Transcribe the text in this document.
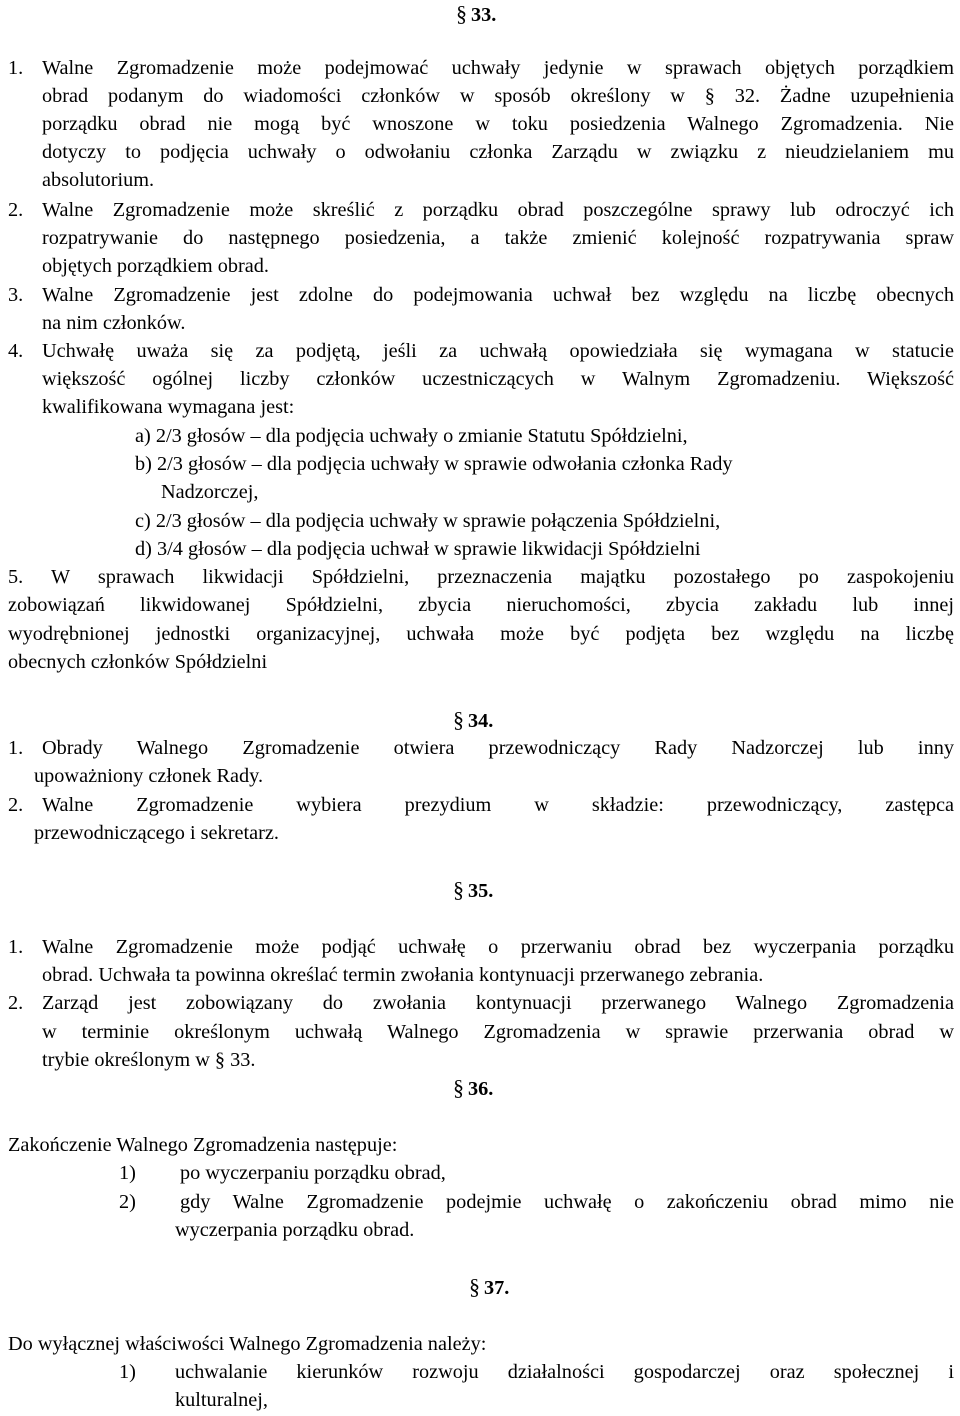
§ 33.
1. Walne Zgromadzenie może podejmować uchwały jedynie w sprawach objętych porządkiem
obrad podanym do wiadomości członków w sposób określony w § 32. Żadne uzupełnienia
porządku obrad nie mogą być wnoszone w toku posiedzenia Walnego Zgromadzenia. Nie
dotyczy to podjęcia uchwały o odwołaniu członka Zarządu w związku z nieudzielaniem mu
absolutorium.
2. Walne Zgromadzenie może skreślić z porządku obrad poszczególne sprawy lub odroczyć ich
rozpatrywanie do następnego posiedzenia, a także zmienić kolejność rozpatrywania spraw
objętych porządkiem obrad.
3. Walne Zgromadzenie jest zdolne do podejmowania uchwał bez względu na liczbę obecnych
na nim członków.
4. Uchwałę uważa się za podjętą, jeśli za uchwałą opowiedziała się wymagana w statucie
większość ogólnej liczby członków uczestniczących w Walnym Zgromadzeniu. Większość
kwalifikowana wymagana jest:
a) 2/3 głosów – dla podjęcia uchwały o zmianie Statutu Spółdzielni,
b) 2/3 głosów – dla podjęcia uchwały w sprawie odwołania członka Rady
Nadzorczej,
c) 2/3 głosów – dla podjęcia uchwały w sprawie połączenia Spółdzielni,
d) 3/4 głosów – dla podjęcia uchwał w sprawie likwidacji Spółdzielni
5. W sprawach likwidacji Spółdzielni, przeznaczenia majątku pozostałego po zaspokojeniu
zobowiązań likwidowanej Spółdzielni, zbycia nieruchomości, zbycia zakładu lub innej
wyodrębnionej jednostki organizacyjnej, uchwała może być podjęta bez względu na liczbę
obecnych członków Spółdzielni
§ 34.
1. Obrady Walnego Zgromadzenie otwiera przewodniczący Rady Nadzorczej lub inny
upoważniony członek Rady.
2. Walne Zgromadzenie wybiera prezydium w składzie: przewodniczący, zastępca
przewodniczącego i sekretarz.
§ 35.
1. Walne Zgromadzenie może podjąć uchwałę o przerwaniu obrad bez wyczerpania porządku
obrad. Uchwała ta powinna określać termin zwołania kontynuacji przerwanego zebrania.
2. Zarząd jest zobowiązany do zwołania kontynuacji przerwanego Walnego Zgromadzenia
w terminie określonym uchwałą Walnego Zgromadzenia w sprawie przerwania obrad w
trybie określonym w § 33.
§ 36.
Zakończenie Walnego Zgromadzenia następuje:
1) po wyczerpaniu porządku obrad,
2) gdy Walne Zgromadzenie podejmie uchwałę o zakończeniu obrad mimo nie
wyczerpania porządku obrad.
§ 37.
Do wyłącznej właściwości Walnego Zgromadzenia należy:
1) uchwalanie kierunków rozwoju działalności gospodarczej oraz społecznej i
kulturalnej,
